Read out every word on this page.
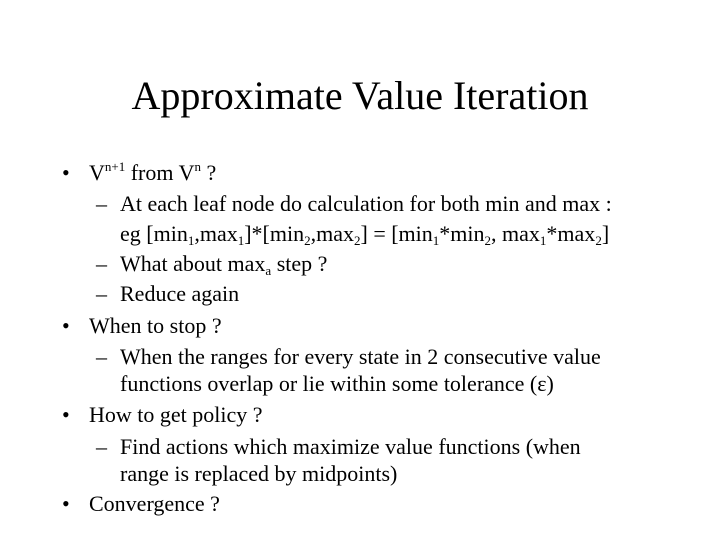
Approximate Value Iteration
• $V^{n+1}$ from $V^n$ ?
– At each leaf node do calculation for both min and max :
eg $[\min_1,\max_1]*[\min_2,\max_2] = [\min_1*\min_2$, $\max_1*\max_2$]
– What about $\max_a$ step ?
– Reduce again
• When to stop ?
– When the ranges for every state in 2 consecutive value
functions overlap or lie within some tolerance (ε)
• How to get policy ?
– Find actions which maximize value functions (when
range is replaced by midpoints)
• Convergence ?
